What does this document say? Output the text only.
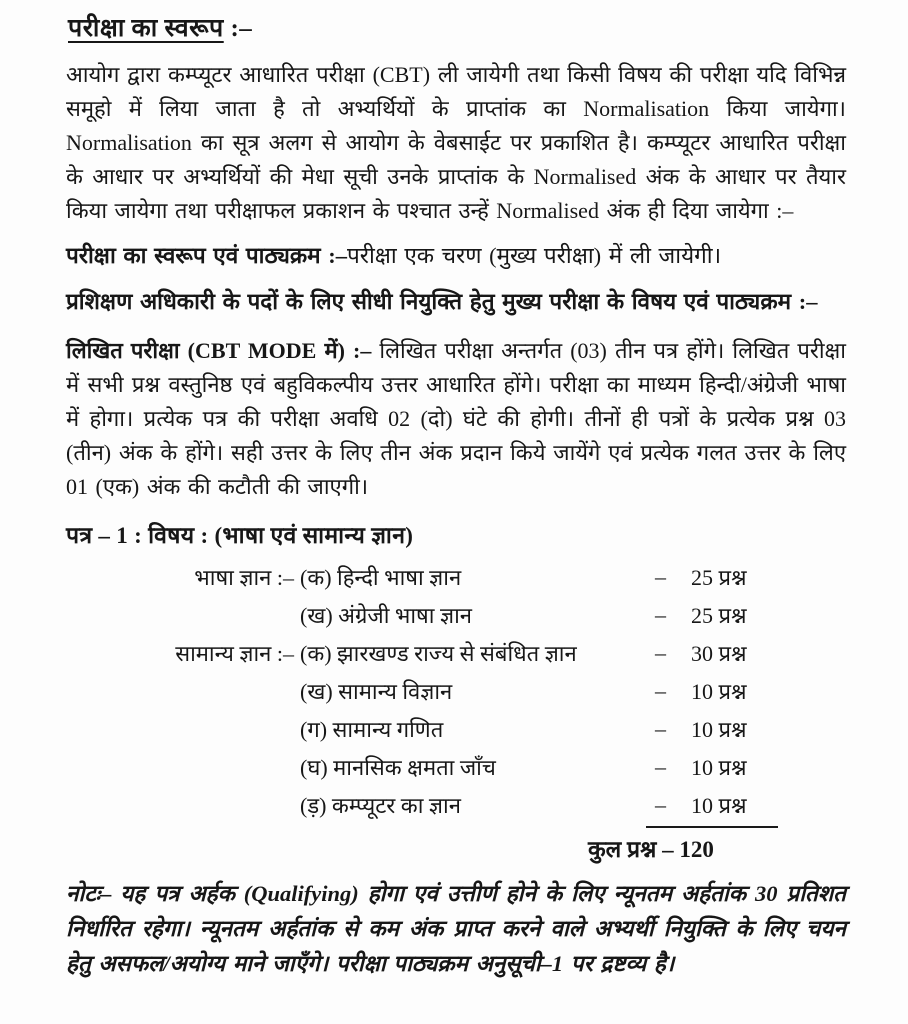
परीक्षा का स्वरूप :–

आयोग द्वारा कम्प्यूटर आधारित परीक्षा (CBT) ली जायेगी तथा किसी विषय की परीक्षा यदि विभिन्न समूहो में लिया जाता है तो अभ्यर्थियों के प्राप्तांक का Normalisation किया जायेगा। Normalisation का सूत्र अलग से आयोग के वेबसाईट पर प्रकाशित है। कम्प्यूटर आधारित परीक्षा के आधार पर अभ्यर्थियों की मेधा सूची उनके प्राप्तांक के Normalised अंक के आधार पर तैयार किया जायेगा तथा परीक्षाफल प्रकाशन के पश्चात उन्हें Normalised अंक ही दिया जायेगा :–

परीक्षा का स्वरूप एवं पाठ्यक्रम :–परीक्षा एक चरण (मुख्य परीक्षा) में ली जायेगी।

प्रशिक्षण अधिकारी के पदों के लिए सीधी नियुक्ति हेतु मुख्य परीक्षा के विषय एवं पाठ्यक्रम :–

लिखित परीक्षा (CBT MODE में) :– लिखित परीक्षा अन्तर्गत (03) तीन पत्र होंगे। लिखित परीक्षा में सभी प्रश्न वस्तुनिष्ठ एवं बहुविकल्पीय उत्तर आधारित होंगे। परीक्षा का माध्यम हिन्दी/अंग्रेजी भाषा में होगा। प्रत्येक पत्र की परीक्षा अवधि 02 (दो) घंटे की होगी। तीनों ही पत्रों के प्रत्येक प्रश्न 03 (तीन) अंक के होंगे। सही उत्तर के लिए तीन अंक प्रदान किये जायेंगे एवं प्रत्येक गलत उत्तर के लिए 01 (एक) अंक की कटौती की जाएगी।

पत्र – 1 : विषय : (भाषा एवं सामान्य ज्ञान)
भाषा ज्ञान :– (क) हिन्दी भाषा ज्ञान	–	25 प्रश्न
(ख) अंग्रेजी भाषा ज्ञान	–	25 प्रश्न
सामान्य ज्ञान :– (क) झारखण्ड राज्य से संबंधित ज्ञान	–	30 प्रश्न
(ख) सामान्य विज्ञान	–	10 प्रश्न
(ग) सामान्य गणित	–	10 प्रश्न
(घ) मानसिक क्षमता जाँच	–	10 प्रश्न
(ड़) कम्प्यूटर का ज्ञान	–	10 प्रश्न
कुल प्रश्न – 120

नोटः– यह पत्र अर्हक (Qualifying) होगा एवं उत्तीर्ण होने के लिए न्यूनतम अर्हतांक 30 प्रतिशत निर्धारित रहेगा। न्यूनतम अर्हतांक से कम अंक प्राप्त करने वाले अभ्यर्थी नियुक्ति के लिए चयन हेतु असफल/अयोग्य माने जाएँगे। परीक्षा पाठ्यक्रम अनुसूची–1 पर द्रष्टव्य है।
